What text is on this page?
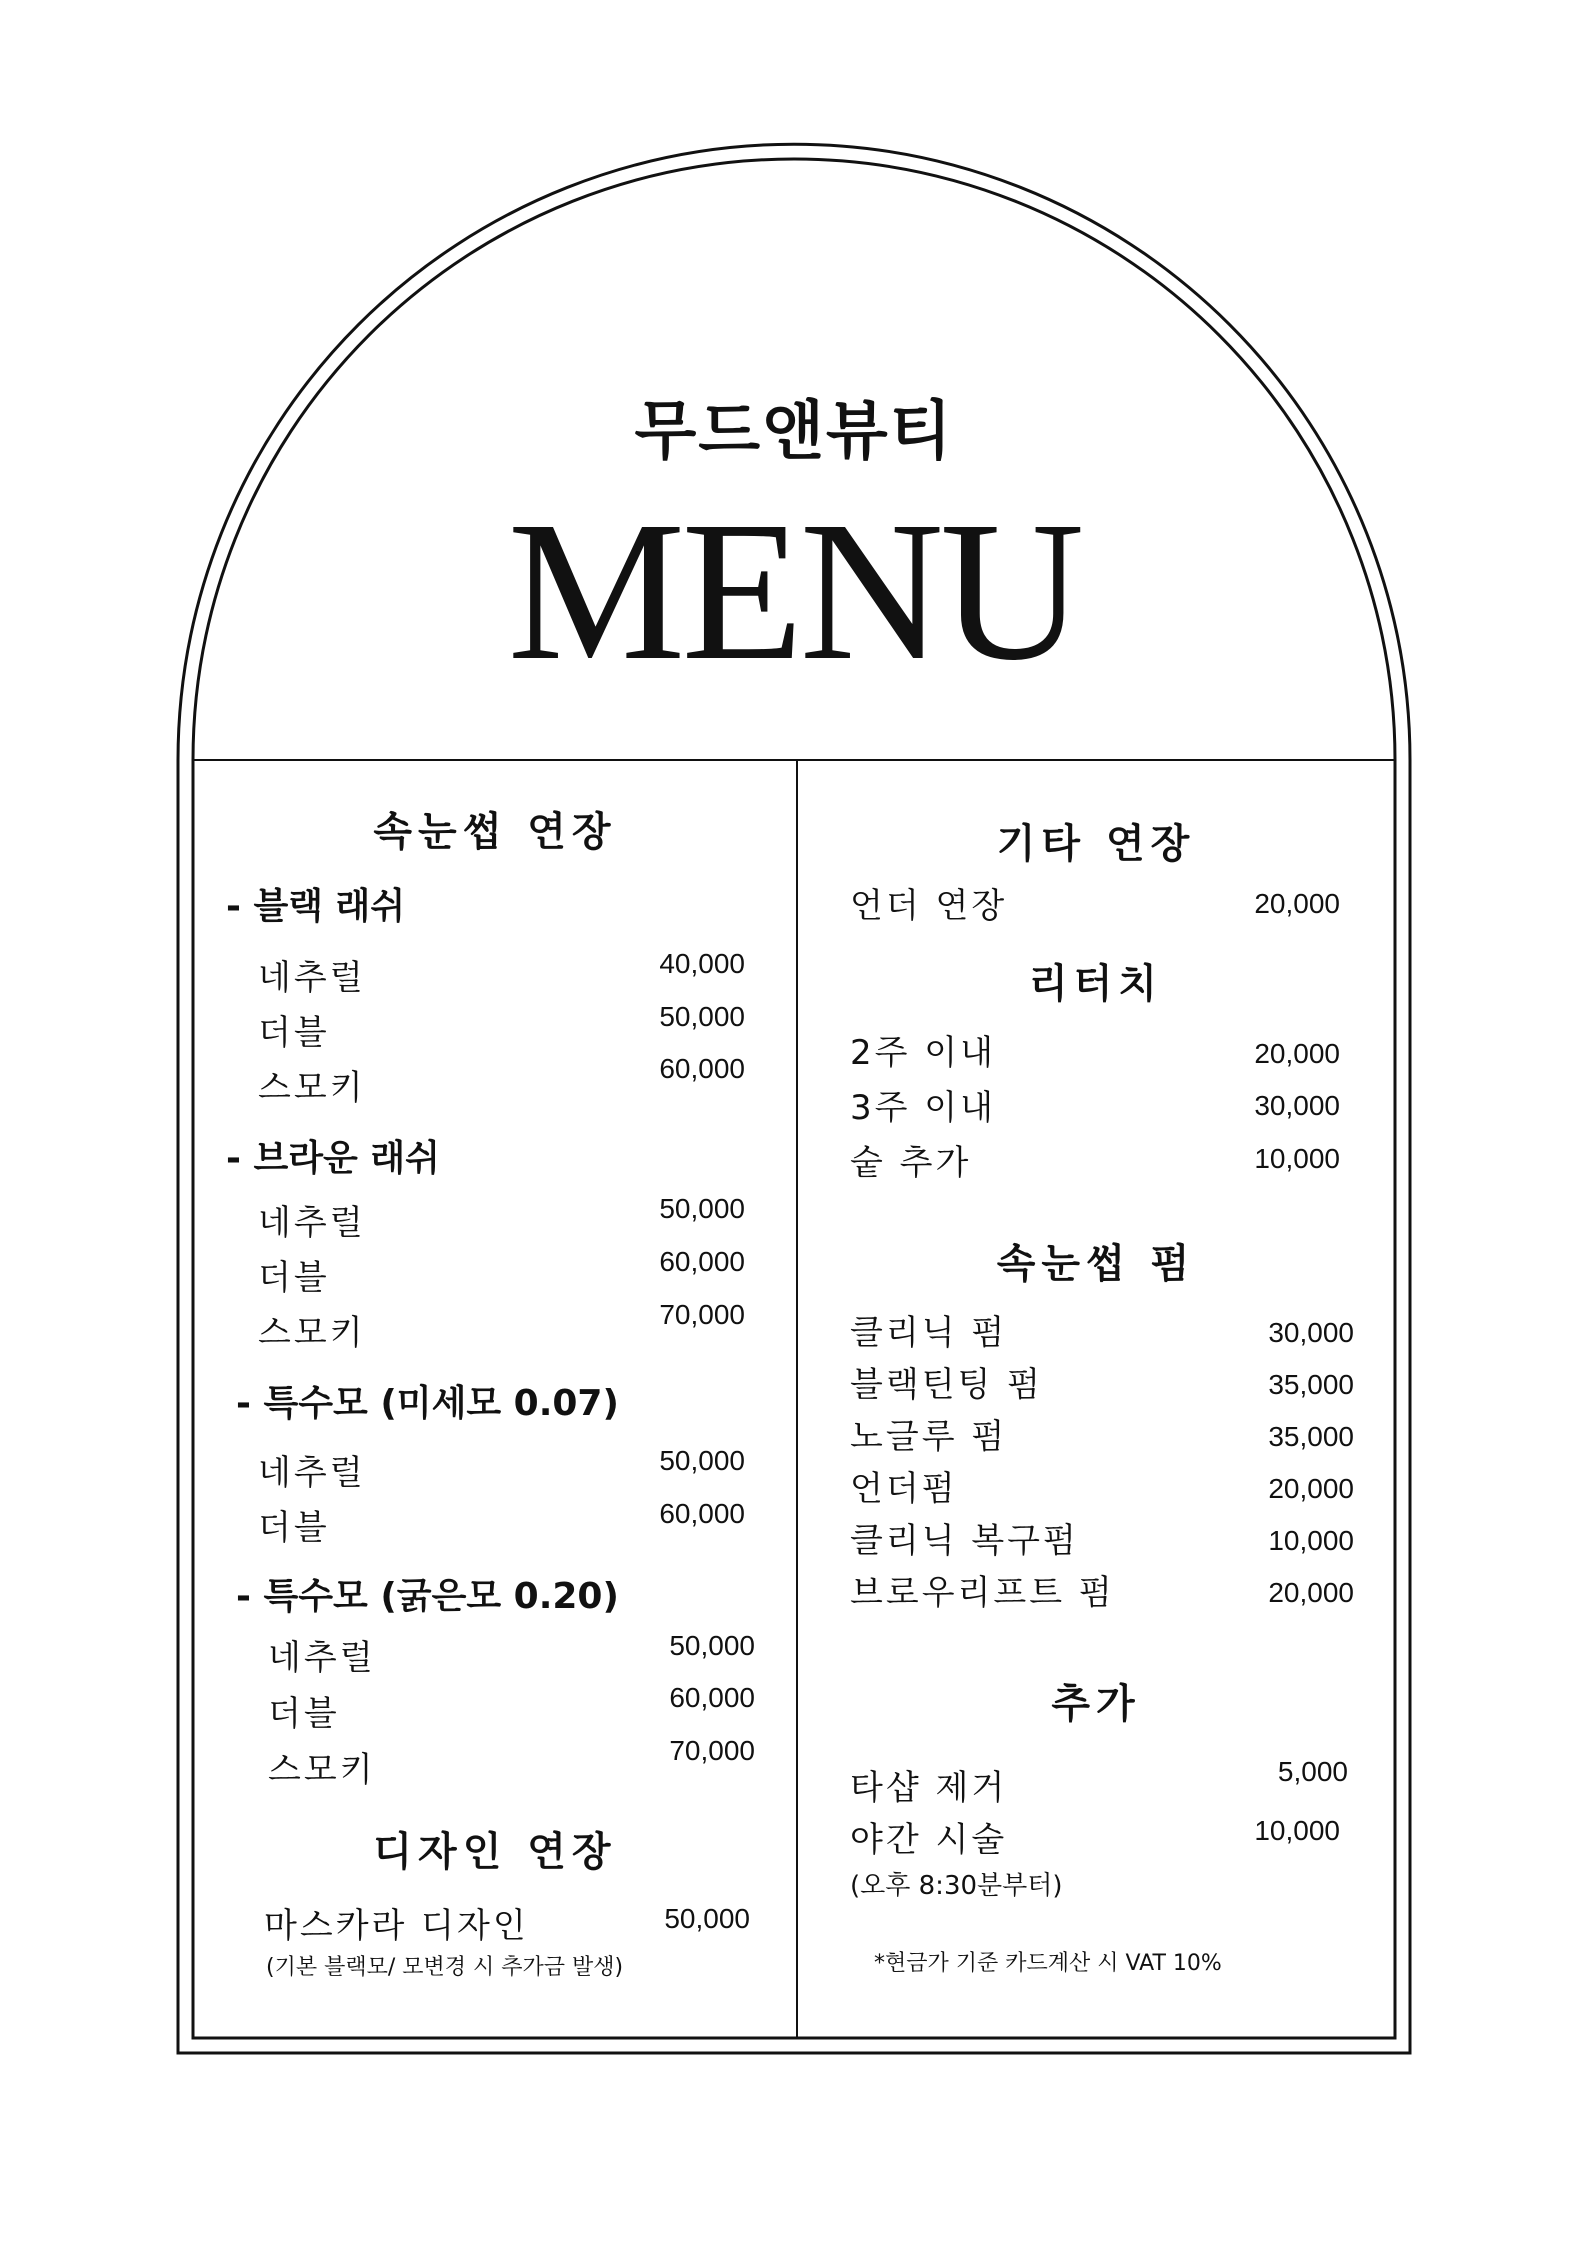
무드앤뷰티
MENU
속눈썹 연장
- 블랙 래쉬
네추럴	40,000
더블	50,000
스모키	60,000
- 브라운 래쉬
네추럴	50,000
더블	60,000
스모키	70,000
- 특수모 (미세모 0.07)
네추럴	50,000
더블	60,000
- 특수모 (굵은모 0.20)
네추럴	50,000
더블	60,000
스모키	70,000
디자인 연장
마스카라 디자인	50,000
(기본 블랙모/ 모변경 시 추가금 발생)
기타 연장
언더 연장	20,000
리터치
2주 이내	20,000
3주 이내	30,000
숱 추가	10,000
속눈썹 펌
클리닉 펌	30,000
블랙틴팅 펌	35,000
노글루 펌	35,000
언더펌	20,000
클리닉 복구펌	10,000
브로우리프트 펌	20,000
추가
타샵 제거	5,000
야간 시술	10,000
(오후 8:30분부터)
*현금가 기준 카드계산 시 VAT 10%
